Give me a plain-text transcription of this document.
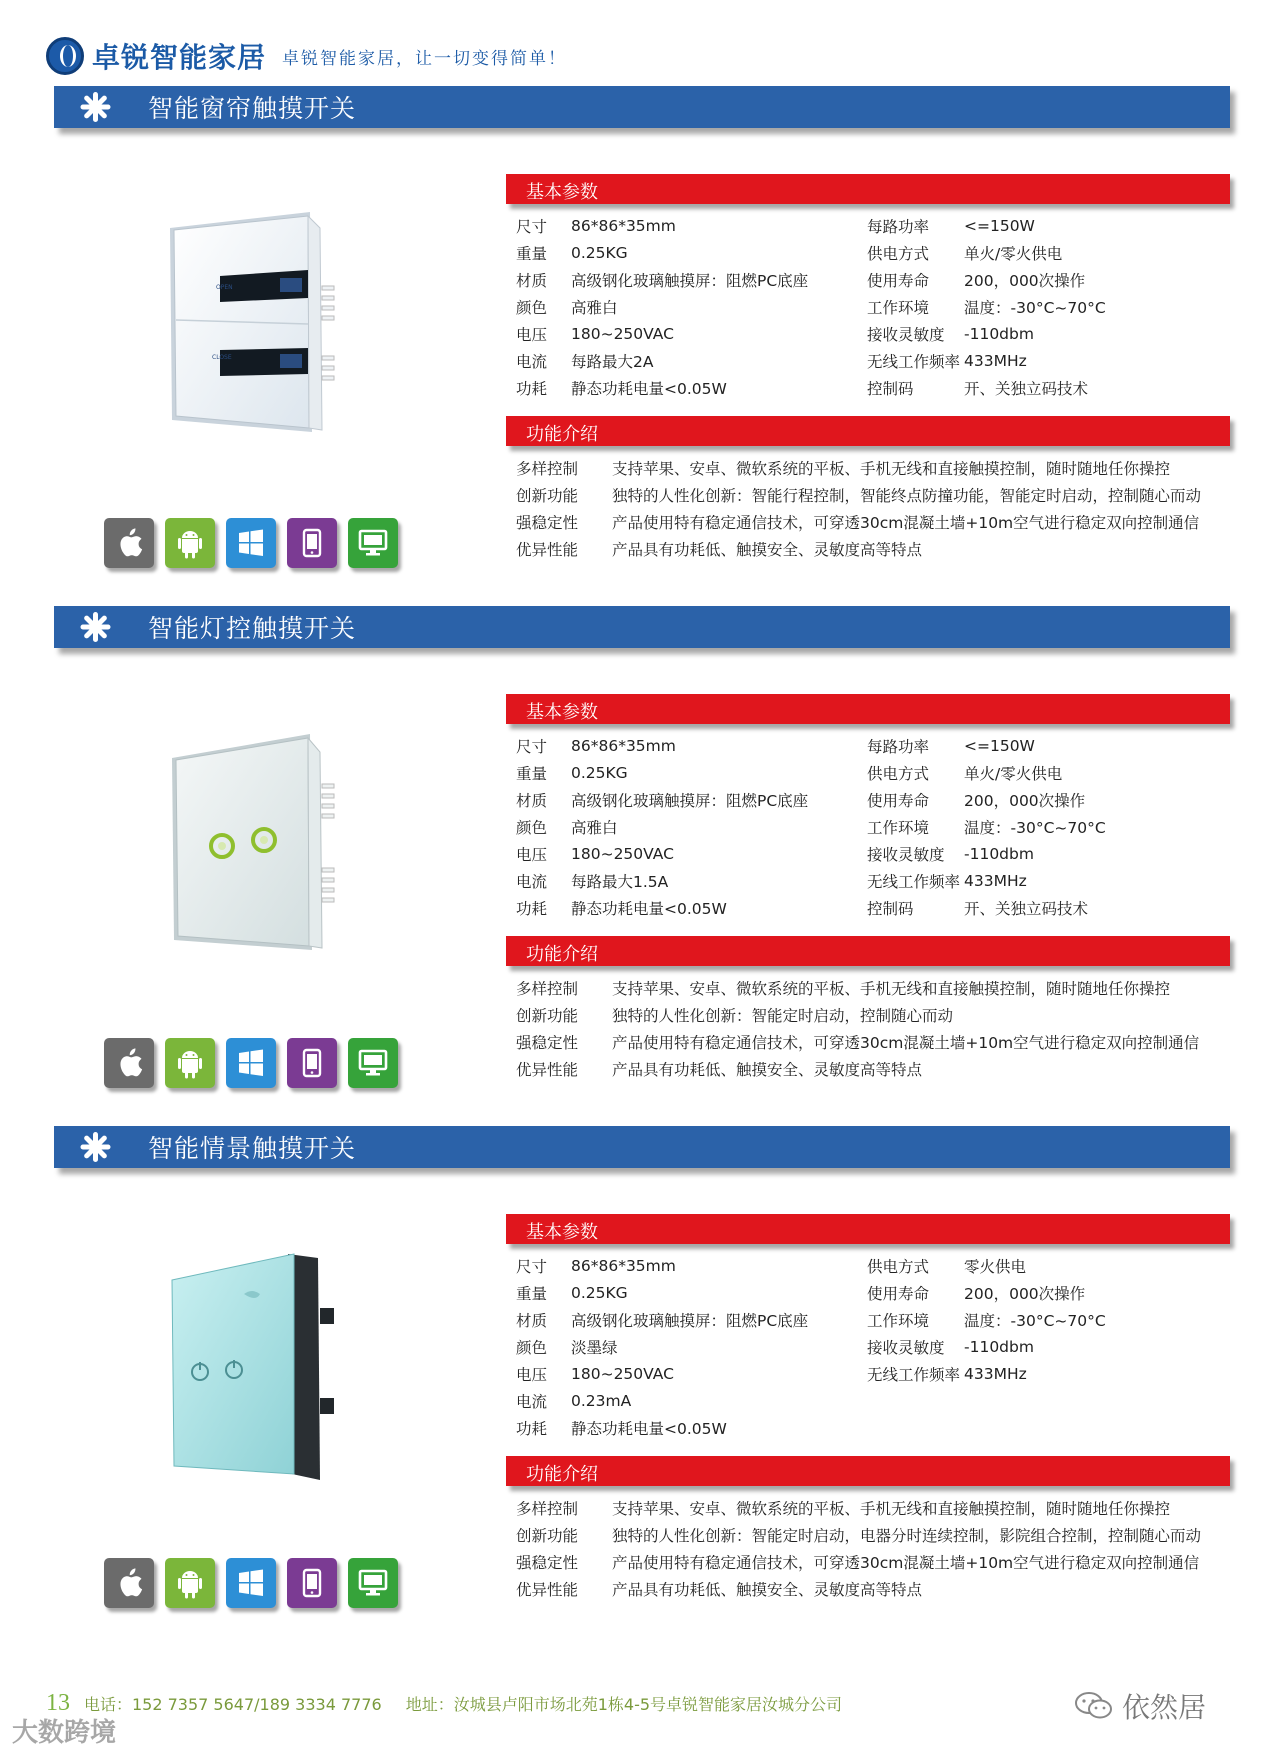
卓锐智能家居 卓锐智能家居，让一切变得简单！
智能窗帘触摸开关
OPEN
CLOSE
基本参数
尺寸	86*86*35mm	每路功率	<=150W
重量	0.25KG	供电方式	单火/零火供电
材质	高级钢化玻璃触摸屏：阻燃PC底座	使用寿命	200，000次操作
颜色	高雅白	工作环境	温度：-30°C~70°C
电压	180~250VAC	接收灵敏度	-110dbm
电流	每路最大2A	无线工作频率 433MHz
功耗	静态功耗电量<0.05W	控制码	开、关独立码技术
功能介绍
多样控制	支持苹果、安卓、微软系统的平板、手机无线和直接触摸控制，随时随地任你操控
创新功能	独特的人性化创新：智能行程控制，智能终点防撞功能，智能定时启动，控制随心而动
强稳定性	产品使用特有稳定通信技术，可穿透30cm混凝土墙+10m空气进行稳定双向控制通信
优异性能	产品具有功耗低、触摸安全、灵敏度高等特点
智能灯控触摸开关
基本参数
尺寸	86*86*35mm	每路功率	<=150W
重量	0.25KG	供电方式	单火/零火供电
材质	高级钢化玻璃触摸屏：阻燃PC底座	使用寿命	200，000次操作
颜色	高雅白	工作环境	温度：-30°C~70°C
电压	180~250VAC	接收灵敏度	-110dbm
电流	每路最大1.5A	无线工作频率 433MHz
功耗	静态功耗电量<0.05W	控制码	开、关独立码技术
功能介绍
多样控制	支持苹果、安卓、微软系统的平板、手机无线和直接触摸控制，随时随地任你操控
创新功能	独特的人性化创新：智能定时启动，控制随心而动
强稳定性	产品使用特有稳定通信技术，可穿透30cm混凝土墙+10m空气进行稳定双向控制通信
优异性能	产品具有功耗低、触摸安全、灵敏度高等特点
智能情景触摸开关
基本参数
尺寸	86*86*35mm	供电方式	零火供电
重量	0.25KG	使用寿命	200，000次操作
材质	高级钢化玻璃触摸屏：阻燃PC底座	工作环境	温度：-30°C~70°C
颜色	淡墨绿	接收灵敏度	-110dbm
电压	180~250VAC	无线工作频率 433MHz
电流	0.23mA
功耗	静态功耗电量<0.05W
功能介绍
多样控制	支持苹果、安卓、微软系统的平板、手机无线和直接触摸控制，随时随地任你操控
创新功能	独特的人性化创新：智能定时启动，电器分时连续控制，影院组合控制，控制随心而动
强稳定性	产品使用特有稳定通信技术，可穿透30cm混凝土墙+10m空气进行稳定双向控制通信
优异性能	产品具有功耗低、触摸安全、灵敏度高等特点
13 电话：152 7357 5647/189 3334 7776 地址：汝城县卢阳市场北苑1栋4-5号卓锐智能家居汝城分公司	依然居
大数跨境
